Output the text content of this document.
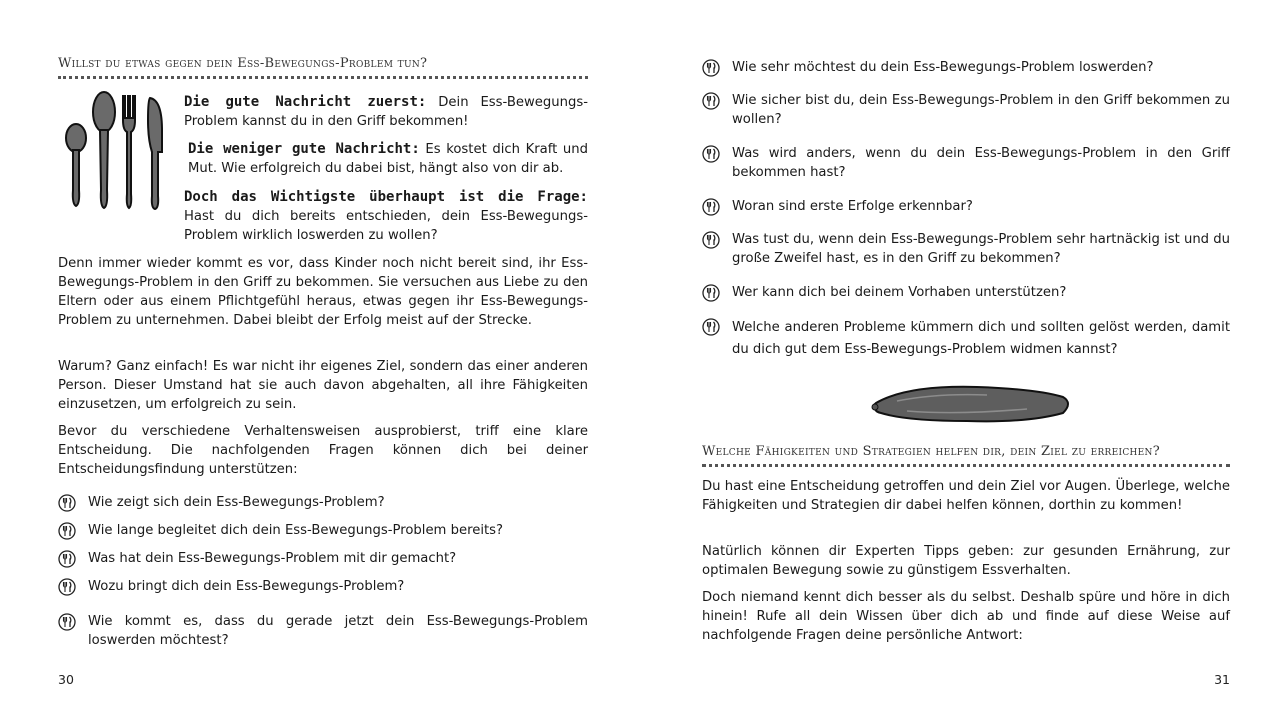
Willst du etwas gegen dein Ess-Bewegungs-Problem tun?

Die gute Nachricht zuerst: Dein Ess-Bewegungs-Problem kannst du in den Griff bekommen!

Die weniger gute Nachricht: Es kostet dich Kraft und Mut. Wie erfolgreich du dabei bist, hängt also von dir ab.

Doch das Wichtigste überhaupt ist die Frage: Hast du dich bereits entschieden, dein Ess-Bewegungs-Problem wirklich loswerden zu wollen?

Denn immer wieder kommt es vor, dass Kinder noch nicht bereit sind, ihr Ess-Bewegungs-Problem in den Griff zu bekommen. Sie versuchen aus Liebe zu den Eltern oder aus einem Pflichtgefühl heraus, etwas gegen ihr Ess-Bewegungs-Problem zu unternehmen. Dabei bleibt der Erfolg meist auf der Strecke.

Warum? Ganz einfach! Es war nicht ihr eigenes Ziel, sondern das einer anderen Person. Dieser Umstand hat sie auch davon abgehalten, all ihre Fähigkeiten einzusetzen, um erfolgreich zu sein.

Bevor du verschiedene Verhaltensweisen ausprobierst, triff eine klare Entscheidung. Die nachfolgenden Fragen können dich bei deiner Entscheidungsfindung unterstützen:

Wie zeigt sich dein Ess-Bewegungs-Problem?
Wie lange begleitet dich dein Ess-Bewegungs-Problem bereits?
Was hat dein Ess-Bewegungs-Problem mit dir gemacht?
Wozu bringt dich dein Ess-Bewegungs-Problem?
Wie kommt es, dass du gerade jetzt dein Ess-Bewegungs-Problem loswerden möchtest?
30
Wie sehr möchtest du dein Ess-Bewegungs-Problem loswerden?
Wie sicher bist du, dein Ess-Bewegungs-Problem in den Griff bekommen zu wollen?
Was wird anders, wenn du dein Ess-Bewegungs-Problem in den Griff bekommen hast?
Woran sind erste Erfolge erkennbar?
Was tust du, wenn dein Ess-Bewegungs-Problem sehr hartnäckig ist und du große Zweifel hast, es in den Griff zu bekommen?
Wer kann dich bei deinem Vorhaben unterstützen?
Welche anderen Probleme kümmern dich und sollten gelöst werden, damit du dich gut dem Ess-Bewegungs-Problem widmen kannst?
Welche Fähigkeiten und Strategien helfen dir, dein Ziel zu erreichen?

Du hast eine Entscheidung getroffen und dein Ziel vor Augen. Überlege, welche Fähigkeiten und Strategien dir dabei helfen können, dorthin zu kommen!

Natürlich können dir Experten Tipps geben: zur gesunden Ernährung, zur optimalen Bewegung sowie zu günstigem Essverhalten.

Doch niemand kennt dich besser als du selbst. Deshalb spüre und höre in dich hinein! Rufe all dein Wissen über dich ab und finde auf diese Weise auf nachfolgende Fragen deine persönliche Antwort:

31
